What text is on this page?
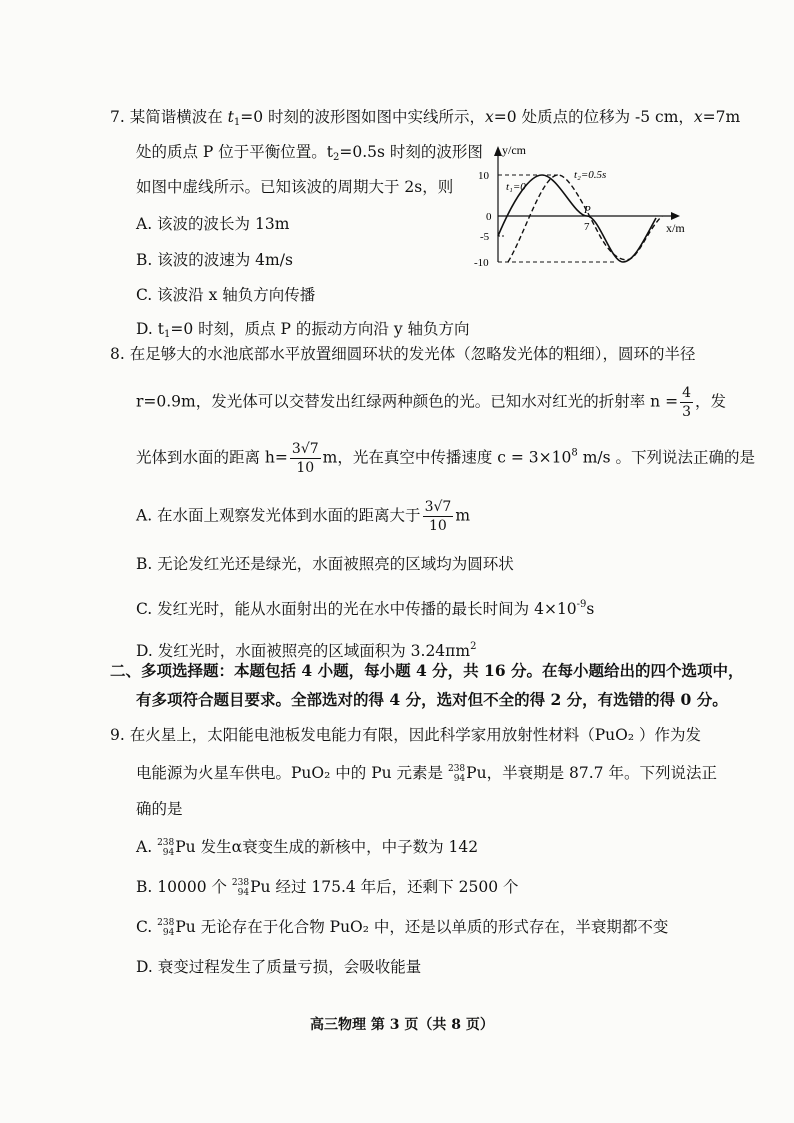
7. 某简谐横波在 $t_1=0$ 时刻的波形图如图中实线所示，x=0 处质点的位移为 -5 cm，x=7m
处的质点 P 位于平衡位置。$t_2=0.5s$ 时刻的波形图
如图中虚线所示。已知该波的周期大于 2s，则
A. 该波的波长为 13m
B. 该波的波速为 4m/s
C. 该波沿 x 轴负方向传播
D. $t_1=0$ 时刻，质点 P 的振动方向沿 y 轴负方向
y/cm
x/m
10
0
-5
-10
7
t₁=0
t₂=0.5s
P
8. 在足够大的水池底部水平放置细圆环状的发光体（忽略发光体的粗细），圆环的半径
r=0.9m，发光体可以交替发出红绿两种颜色的光。已知水对红光的折射率 $n = \frac{4}{3}$ ，发
光体到水面的距离 $h= \frac{3√7}{10}$ m，光在真空中传播速度 $c = 3\times 10^8$ m/s 。下列说法正确的是
A. 在水面上观察发光体到水面的距离大于 $\frac{3√7}{10}$ m
B. 无论发红光还是绿光，水面被照亮的区域均为圆环状
C. 发红光时，能从水面射出的光在水中传播的最长时间为 $4\times 10^{-9}s$
D. 发红光时，水面被照亮的区域面积为 $3.24\pi m^2$
二、多项选择题：本题包括 4 小题，每小题 4 分，共 16 分。在每小题给出的四个选项中，
有多项符合题目要求。全部选对的得 4 分，选对但不全的得 2 分，有选错的得 0 分。
9. 在火星上，太阳能电池板发电能力有限，因此科学家用放射性材料（PuO₂ ）作为发
电能源为火星车供电。PuO₂ 中的 Pu 元素是 238
94 Pu，半衰期是 87.7 年。下列说法正
确的是
A. 238
94 Pu 发生α衰变生成的新核中，中子数为 142
B. 10000 个 238
94 Pu 经过 175.4 年后，还剩下 2500 个
C. 238
94 Pu 无论存在于化合物 PuO₂ 中，还是以单质的形式存在，半衰期都不变
D. 衰变过程发生了质量亏损，会吸收能量
高三物理 第 3 页（共 8 页）
